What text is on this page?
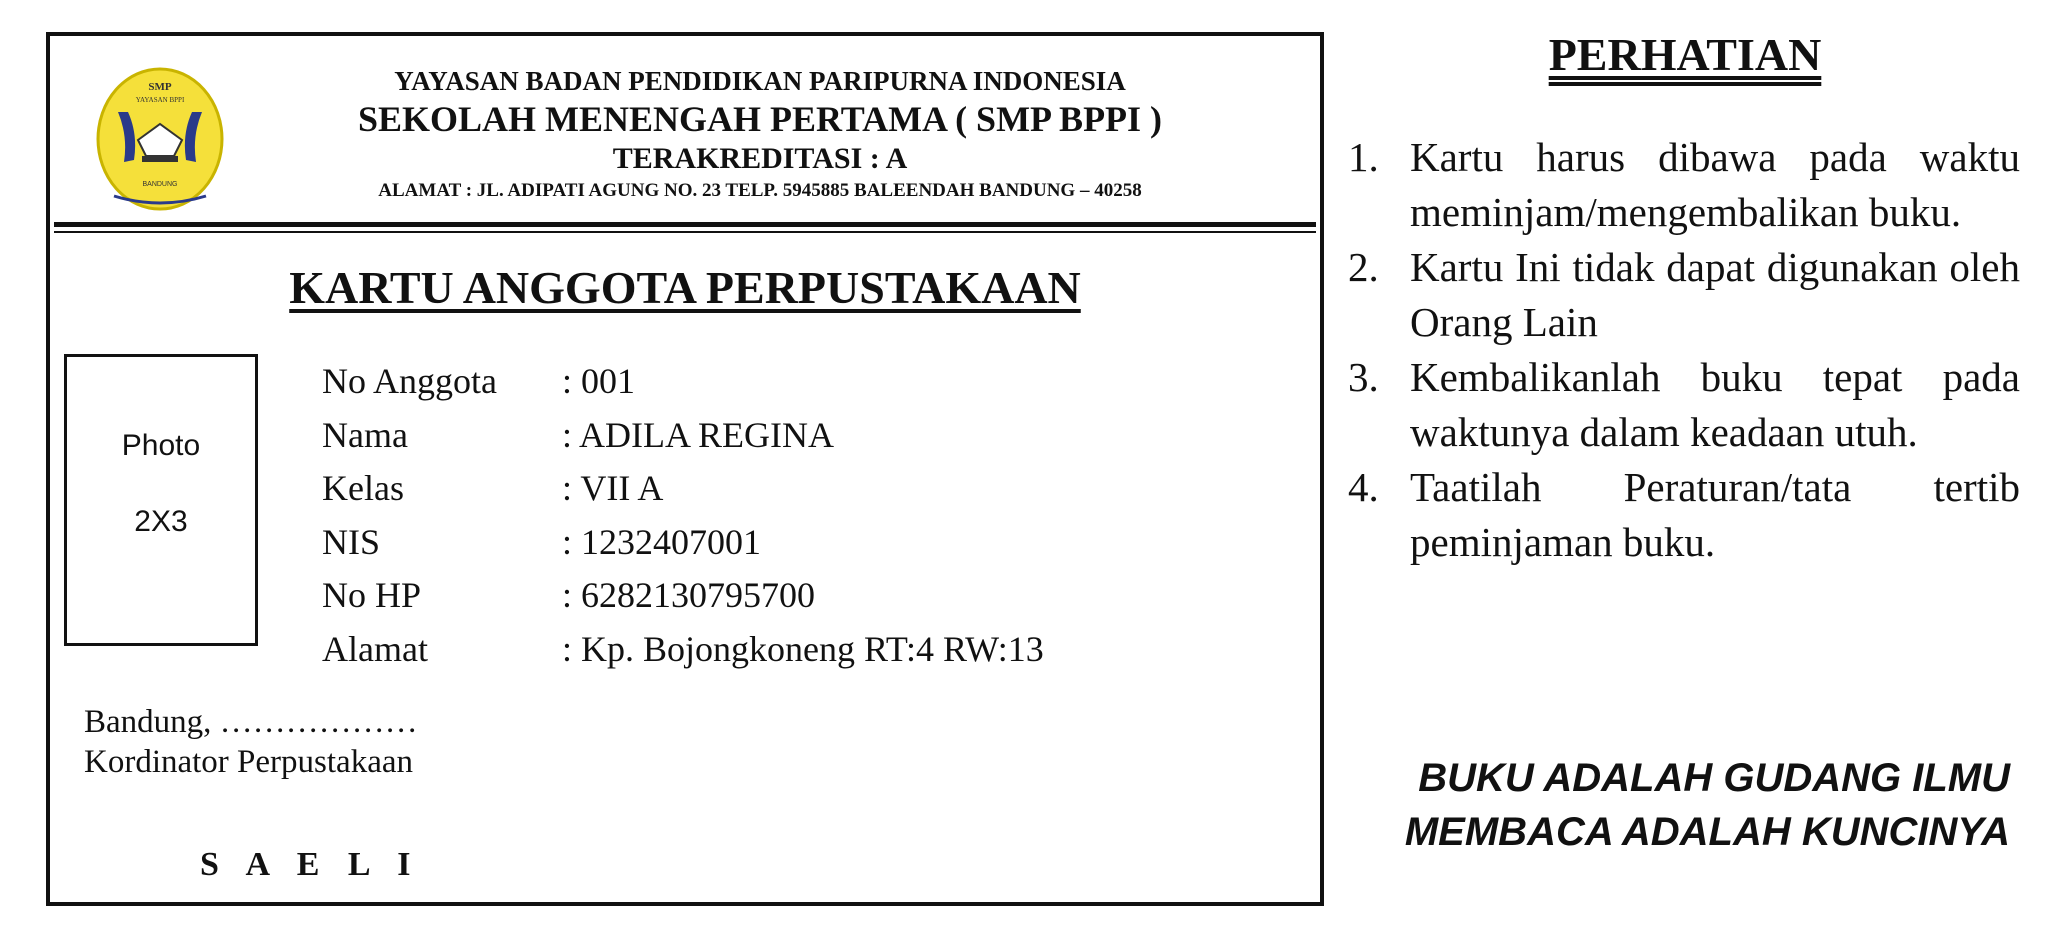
SMP
YAYASAN BPPI
BANDUNG
YAYASAN BADAN PENDIDIKAN PARIPURNA INDONESIA
SEKOLAH MENENGAH PERTAMA ( SMP BPPI )
TERAKREDITASI : A
ALAMAT : JL. ADIPATI AGUNG NO. 23 TELP. 5945885 BALEENDAH BANDUNG – 40258
KARTU ANGGOTA PERPUSTAKAAN
Photo
2X3
No Anggota	: 001
Nama	: ADILA REGINA
Kelas	: VII A
NIS	: 1232407001
No HP	: 6282130795700
Alamat	: Kp. Bojongkoneng RT:4 RW:13
Bandung, ………………
Kordinator Perpustakaan
S A E L I
PERHATIAN
1. Kartu harus dibawa pada waktu meminjam/mengembalikan buku.
2. Kartu Ini tidak dapat digunakan oleh Orang Lain
3. Kembalikanlah buku tepat pada waktunya dalam keadaan utuh.
4. Taatilah Peraturan/tata tertib peminjaman buku.
BUKU ADALAH GUDANG ILMU
MEMBACA ADALAH KUNCINYA
